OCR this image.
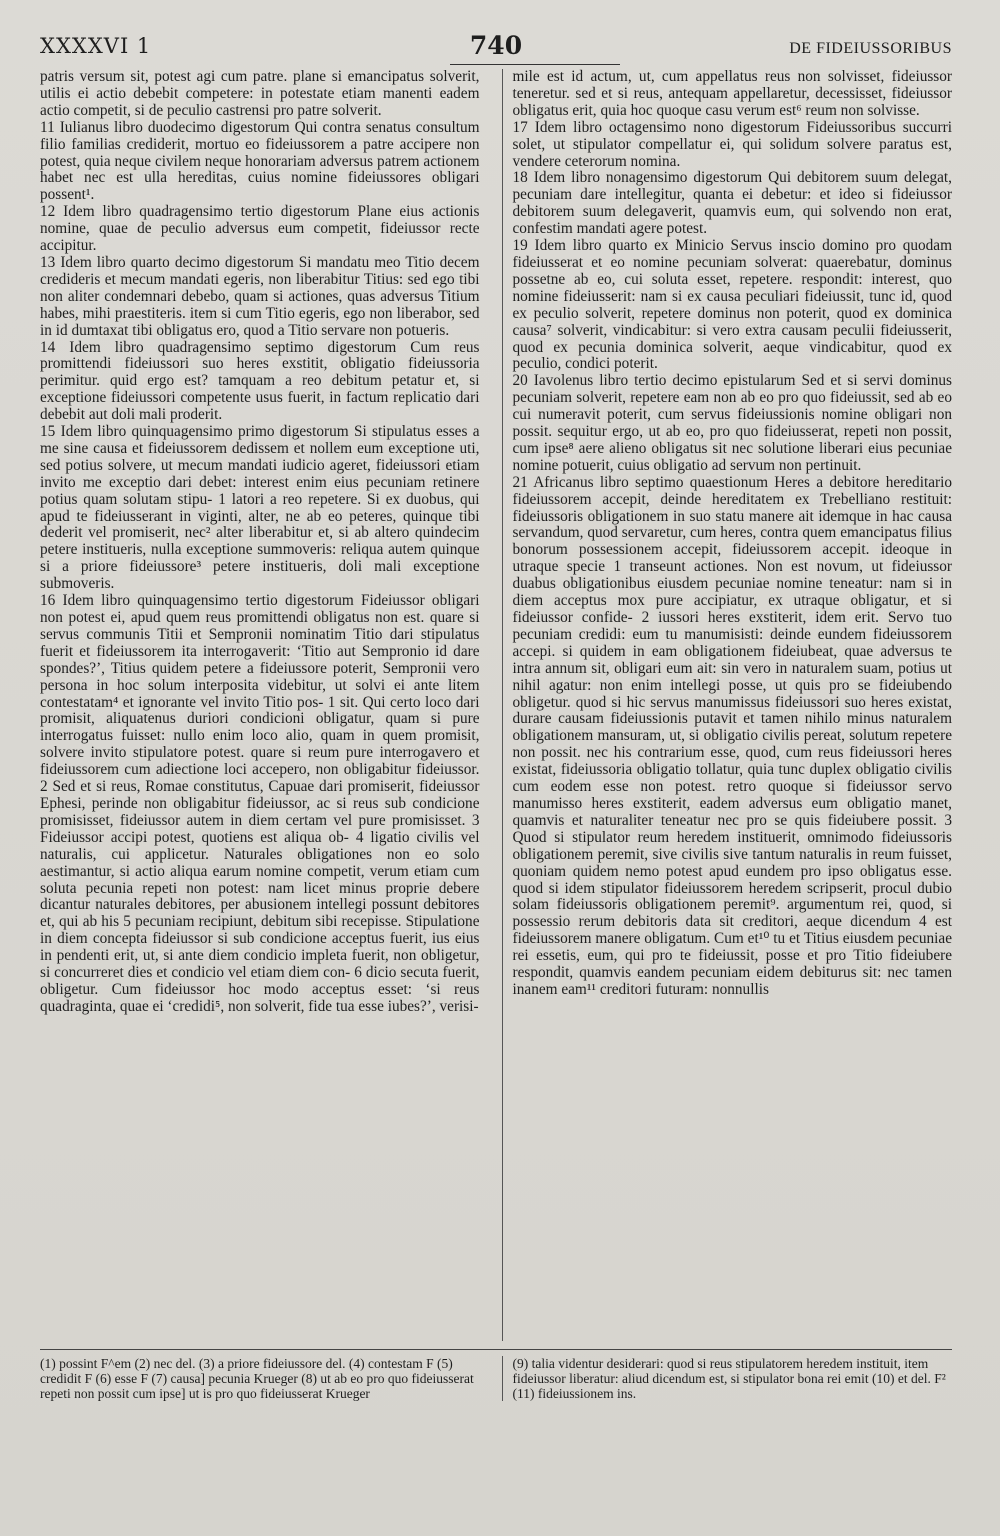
XXXXVI 1	740	DE FIDEIUSSORIBUS

patris versum sit, potest agi cum patre. plane si emancipatus solverit, utilis ei actio debebit competere: in potestate etiam manenti eadem actio competit, si de peculio castrensi pro patre solverit.

11 Iulianus libro duodecimo digestorum Qui contra senatus consultum filio familias crediderit, mortuo eo fideiussorem a patre accipere non potest, quia neque civilem neque honorariam adversus patrem actionem habet nec est ulla hereditas, cuius nomine fideiussores obligari possent¹.

12 Idem libro quadragensimo tertio digestorum Plane eius actionis nomine, quae de peculio adversus eum competit, fideiussor recte accipitur.

13 Idem libro quarto decimo digestorum Si mandatu meo Titio decem credideris et mecum mandati egeris, non liberabitur Titius: sed ego tibi non aliter condemnari debebo, quam si actiones, quas adversus Titium habes, mihi praestiteris. item si cum Titio egeris, ego non liberabor, sed in id dumtaxat tibi obligatus ero, quod a Titio servare non potueris.

14 Idem libro quadragensimo septimo digestorum Cum reus promittendi fideiussori suo heres exstitit, obligatio fideiussoria perimitur. quid ergo est? tamquam a reo debitum petatur et, si exceptione fideiussori competente usus fuerit, in factum replicatio dari debebit aut doli mali proderit.

15 Idem libro quinquagensimo primo digestorum Si stipulatus esses a me sine causa et fideiussorem dedissem et nollem eum exceptione uti, sed potius solvere, ut mecum mandati iudicio ageret, fideiussori etiam invito me exceptio dari debet: interest enim eius pecuniam retinere potius quam solutam stipu- 1 latori a reo repetere. Si ex duobus, qui apud te fideiusserant in viginti, alter, ne ab eo peteres, quinque tibi dederit vel promiserit, nec² alter liberabitur et, si ab altero quindecim petere institueris, nulla exceptione summoveris: reliqua autem quinque si a priore fideiussore³ petere institueris, doli mali exceptione submoveris.

16 Idem libro quinquagensimo tertio digestorum Fideiussor obligari non potest ei, apud quem reus promittendi obligatus non est. quare si servus communis Titii et Sempronii nominatim Titio dari stipulatus fuerit et fideiussorem ita interrogaverit: ‘Titio aut Sempronio id dare spondes?’, Titius quidem petere a fideiussore poterit, Sempronii vero persona in hoc solum interposita videbitur, ut solvi ei ante litem contestatam⁴ et ignorante vel invito Titio pos- 1 sit. Qui certo loco dari promisit, aliquatenus duriori condicioni obligatur, quam si pure interrogatus fuisset: nullo enim loco alio, quam in quem promisit, solvere invito stipulatore potest. quare si reum pure interrogavero et fideiussorem cum adiectione loci accepero, non obligabitur fideiussor. 2 Sed et si reus, Romae constitutus, Capuae dari promiserit, fideiussor Ephesi, perinde non obligabitur fideiussor, ac si reus sub condicione promisisset, fideiussor autem in diem certam vel pure promisisset. 3 Fideiussor accipi potest, quotiens est aliqua ob- 4 ligatio civilis vel naturalis, cui applicetur. Naturales obligationes non eo solo aestimantur, si actio aliqua earum nomine competit, verum etiam cum soluta pecunia repeti non potest: nam licet minus proprie debere dicantur naturales debitores, per abusionem intellegi possunt debitores et, qui ab his 5 pecuniam recipiunt, debitum sibi recepisse. Stipulatione in diem concepta fideiussor si sub condicione acceptus fuerit, ius eius in pendenti erit, ut, si ante diem condicio impleta fuerit, non obligetur, si concurreret dies et condicio vel etiam diem con- 6 dicio secuta fuerit, obligetur. Cum fideiussor hoc modo acceptus esset: ‘si reus quadraginta, quae ei ‘credidi⁵, non solverit, fide tua esse iubes?’, verisi-

mile est id actum, ut, cum appellatus reus non solvisset, fideiussor teneretur. sed et si reus, antequam appellaretur, decessisset, fideiussor obligatus erit, quia hoc quoque casu verum est⁶ reum non solvisse.

17 Idem libro octagensimo nono digestorum Fideiussoribus succurri solet, ut stipulator compellatur ei, qui solidum solvere paratus est, vendere ceterorum nomina.

18 Idem libro nonagensimo digestorum Qui debitorem suum delegat, pecuniam dare intellegitur, quanta ei debetur: et ideo si fideiussor debitorem suum delegaverit, quamvis eum, qui solvendo non erat, confestim mandati agere potest.

19 Idem libro quarto ex Minicio Servus inscio domino pro quodam fideiusserat et eo nomine pecuniam solverat: quaerebatur, dominus possetne ab eo, cui soluta esset, repetere. respondit: interest, quo nomine fideiusserit: nam si ex causa peculiari fideiussit, tunc id, quod ex peculio solverit, repetere dominus non poterit, quod ex dominica causa⁷ solverit, vindicabitur: si vero extra causam peculii fideiusserit, quod ex pecunia dominica solverit, aeque vindicabitur, quod ex peculio, condici poterit.

20 Iavolenus libro tertio decimo epistularum Sed et si servi dominus pecuniam solverit, repetere eam non ab eo pro quo fideiussit, sed ab eo cui numeravit poterit, cum servus fideiussionis nomine obligari non possit. sequitur ergo, ut ab eo, pro quo fideiusserat, repeti non possit, cum ipse⁸ aere alieno obligatus sit nec solutione liberari eius pecuniae nomine potuerit, cuius obligatio ad servum non pertinuit.

21 Africanus libro septimo quaestionum Heres a debitore hereditario fideiussorem accepit, deinde hereditatem ex Trebelliano restituit: fideiussoris obligationem in suo statu manere ait idemque in hac causa servandum, quod servaretur, cum heres, contra quem emancipatus filius bonorum possessionem accepit, fideiussorem accepit. ideoque in utraque specie 1 transeunt actiones. Non est novum, ut fideiussor duabus obligationibus eiusdem pecuniae nomine teneatur: nam si in diem acceptus mox pure accipiatur, ex utraque obligatur, et si fideiussor confide- 2 iussori heres exstiterit, idem erit. Servo tuo pecuniam credidi: eum tu manumisisti: deinde eundem fideiussorem accepi. si quidem in eam obligationem fideiubeat, quae adversus te intra annum sit, obligari eum ait: sin vero in naturalem suam, potius ut nihil agatur: non enim intellegi posse, ut quis pro se fideiubendo obligetur. quod si hic servus manumissus fideiussori suo heres existat, durare causam fideiussionis putavit et tamen nihilo minus naturalem obligationem mansuram, ut, si obligatio civilis pereat, solutum repetere non possit. nec his contrarium esse, quod, cum reus fideiussori heres existat, fideiussoria obligatio tollatur, quia tunc duplex obligatio civilis cum eodem esse non potest. retro quoque si fideiussor servo manumisso heres exstiterit, eadem adversus eum obligatio manet, quamvis et naturaliter teneatur nec pro se quis fideiubere possit. 3 Quod si stipulator reum heredem instituerit, omnimodo fideiussoris obligationem peremit, sive civilis sive tantum naturalis in reum fuisset, quoniam quidem nemo potest apud eundem pro ipso obligatus esse. quod si idem stipulator fideiussorem heredem scripserit, procul dubio solam fideiussoris obligationem peremit⁹. argumentum rei, quod, si possessio rerum debitoris data sit creditori, aeque dicendum 4 est fideiussorem manere obligatum. Cum et¹⁰ tu et Titius eiusdem pecuniae rei essetis, eum, qui pro te fideiussit, posse et pro Titio fideiubere respondit, quamvis eandem pecuniam eidem debiturus sit: nec tamen inanem eam¹¹ creditori futuram: nonnullis

(1) possint F^em (2) nec del. (3) a priore fideiussore del. (4) contestam F (5) credidit F (6) esse F (7) causa] pecunia Krueger (8) ut ab eo pro quo fideiusserat repeti non possit cum ipse] ut is pro quo fideiusserat Krueger

(9) talia videntur desiderari: quod si reus stipulatorem heredem instituit, item fideiussor liberatur: aliud dicendum est, si stipulator bona rei emit (10) et del. F² (11) fideiussionem ins.
